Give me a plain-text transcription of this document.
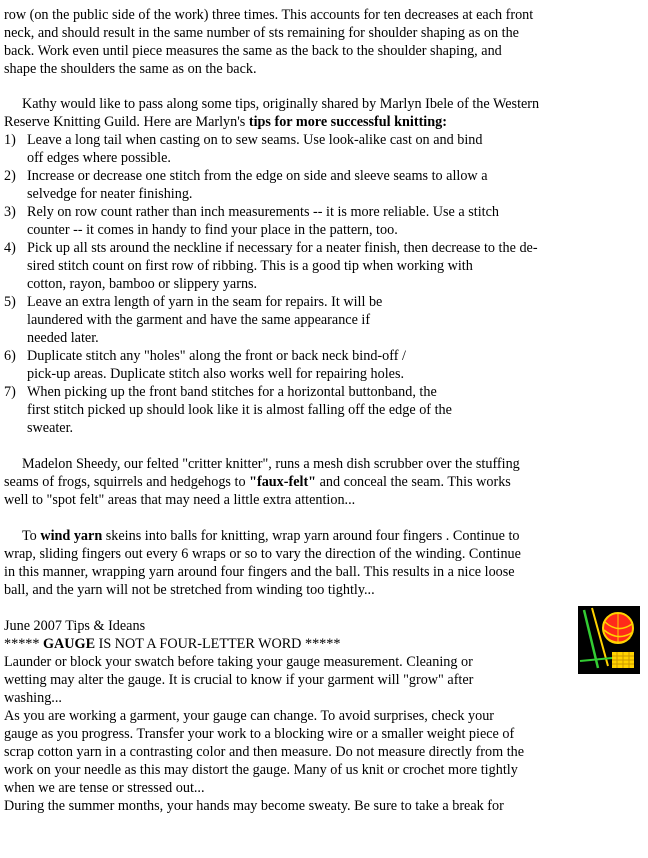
row (on the public side of the work) three times. This accounts for ten decreases at each front
neck, and should result in the same number of sts remaining for shoulder shaping as on the
back. Work even until piece measures the same as the back to the shoulder shaping, and
shape the shoulders the same as on the back.
Kathy would like to pass along some tips, originally shared by Marlyn Ibele of the Western
Reserve Knitting Guild. Here are Marlyn's tips for more successful knitting:
1) Leave a long tail when casting on to sew seams. Use look-alike cast on and bind
off edges where possible.
2) Increase or decrease one stitch from the edge on side and sleeve seams to allow a
selvedge for neater finishing.
3) Rely on row count rather than inch measurements -- it is more reliable. Use a stitch
counter -- it comes in handy to find your place in the pattern, too.
4) Pick up all sts around the neckline if necessary for a neater finish, then decrease to the de-
sired stitch count on first row of ribbing. This is a good tip when working with
cotton, rayon, bamboo or slippery yarns.
5) Leave an extra length of yarn in the seam for repairs. It will be
laundered with the garment and have the same appearance if
needed later.
6) Duplicate stitch any "holes" along the front or back neck bind-off /
pick-up areas. Duplicate stitch also works well for repairing holes.
7) When picking up the front band stitches for a horizontal buttonband, the
first stitch picked up should look like it is almost falling off the edge of the
sweater.
Madelon Sheedy, our felted "critter knitter", runs a mesh dish scrubber over the stuffing
seams of frogs, squirrels and hedgehogs to "faux-felt" and conceal the seam. This works
well to "spot felt" areas that may need a little extra attention...
To wind yarn skeins into balls for knitting, wrap yarn around four fingers . Continue to
wrap, sliding fingers out every 6 wraps or so to vary the direction of the winding. Continue
in this manner, wrapping yarn around four fingers and the ball. This results in a nice loose
ball, and the yarn will not be stretched from winding too tightly...
June 2007 Tips & Ideans
***** GAUGE IS NOT A FOUR-LETTER WORD *****
Launder or block your swatch before taking your gauge measurement. Cleaning or
wetting may alter the gauge. It is crucial to know if your garment will "grow" after
washing...
As you are working a garment, your gauge can change. To avoid surprises, check your
gauge as you progress. Transfer your work to a blocking wire or a smaller weight piece of
scrap cotton yarn in a contrasting color and then measure. Do not measure directly from the
work on your needle as this may distort the gauge. Many of us knit or crochet more tightly
when we are tense or stressed out...
During the summer months, your hands may become sweaty. Be sure to take a break for
